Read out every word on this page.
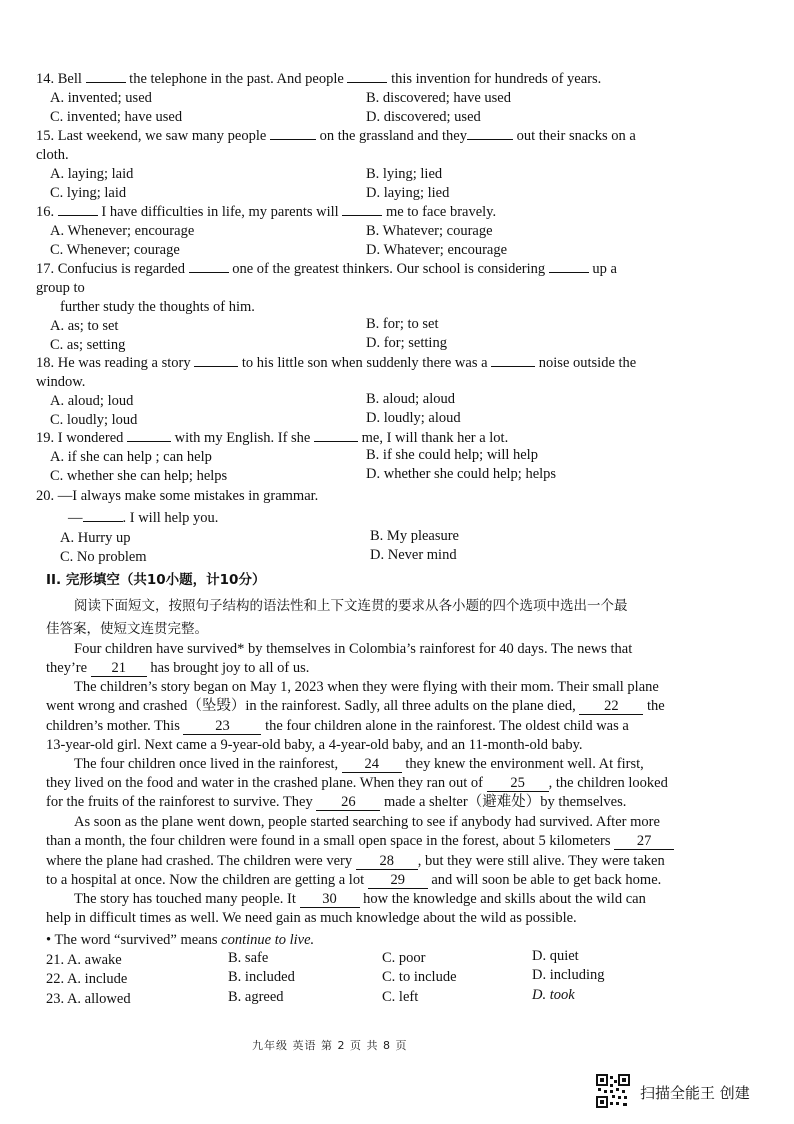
14. Bell	the telephone in the past. And people	this invention for hundreds of years.
A. invented; used	B. discovered; have used
C. invented; have used	D. discovered; used
15. Last weekend, we saw many people	on the grassland and they	out their snacks on a
cloth.
A. laying; laid	B. lying; lied
C. lying; laid	D. laying; lied
16.	I have difficulties in life, my parents will	me to face bravely.
A. Whenever; encourage	B. Whatever; courage
C. Whenever; courage	D. Whatever; encourage
17. Confucius is regarded	one of the greatest thinkers. Our school is considering	up a
group to
further study the thoughts of him.
A. as; to set	B. for; to set
C. as; setting	D. for; setting
18. He was reading a story	to his little son when suddenly there was a	noise outside the
window.
A. aloud; loud	B. aloud; aloud
C. loudly; loud	D. loudly; aloud
19. I wondered	with my English. If she	me, I will thank her a lot.
A. if she can help ; can help	B. if she could help; will help
C. whether she can help; helps	D. whether she could help; helps
20. —I always make some mistakes in grammar.
—	. I will help you.
A. Hurry up	B. My pleasure
C. No problem	D. Never mind
II. 完形填空（共10小题，计10分）
阅读下面短文，按照句子结构的语法性和上下文连贯的要求从各小题的四个选项中选出一个最
佳答案，使短文连贯完整。
Four children have survived* by themselves in Colombia’s rainforest for 40 days. The news that
they’re 21 has brought joy to all of us.
The children’s story began on May 1, 2023 when they were flying with their mom. Their small plane
went wrong and crashed（坠毁）in the rainforest. Sadly, all three adults on the plane died, 22 the
children’s mother. This 23 the four children alone in the rainforest. The oldest child was a
13-year-old girl. Next came a 9-year-old baby, a 4-year-old baby, and an 11-month-old baby.
The four children once lived in the rainforest, 24 they knew the environment well. At first,
they lived on the food and water in the crashed plane. When they ran out of 25 , the children looked
for the fruits of the rainforest to survive. They 26 made a shelter（避难处）by themselves.
As soon as the plane went down, people started searching to see if anybody had survived. After more
than a month, the four children were found in a small open space in the forest, about 5 kilometers 27
where the plane had crashed. The children were very 28 , but they were still alive. They were taken
to a hospital at once. Now the children are getting a lot 29 and will soon be able to get back home.
The story has touched many people. It 30 how the knowledge and skills about the wild can
help in difficult times as well. We need gain as much knowledge about the wild as possible.
• The word “survived” means continue to live.
21. A. awake	B. safe	C. poor	D. quiet
22. A. include	B. included	C. to include	D. including
23. A. allowed	B. agreed	C. left	D. took
九年级 英语 第 2 页 共 8 页
扫描全能王 创建
